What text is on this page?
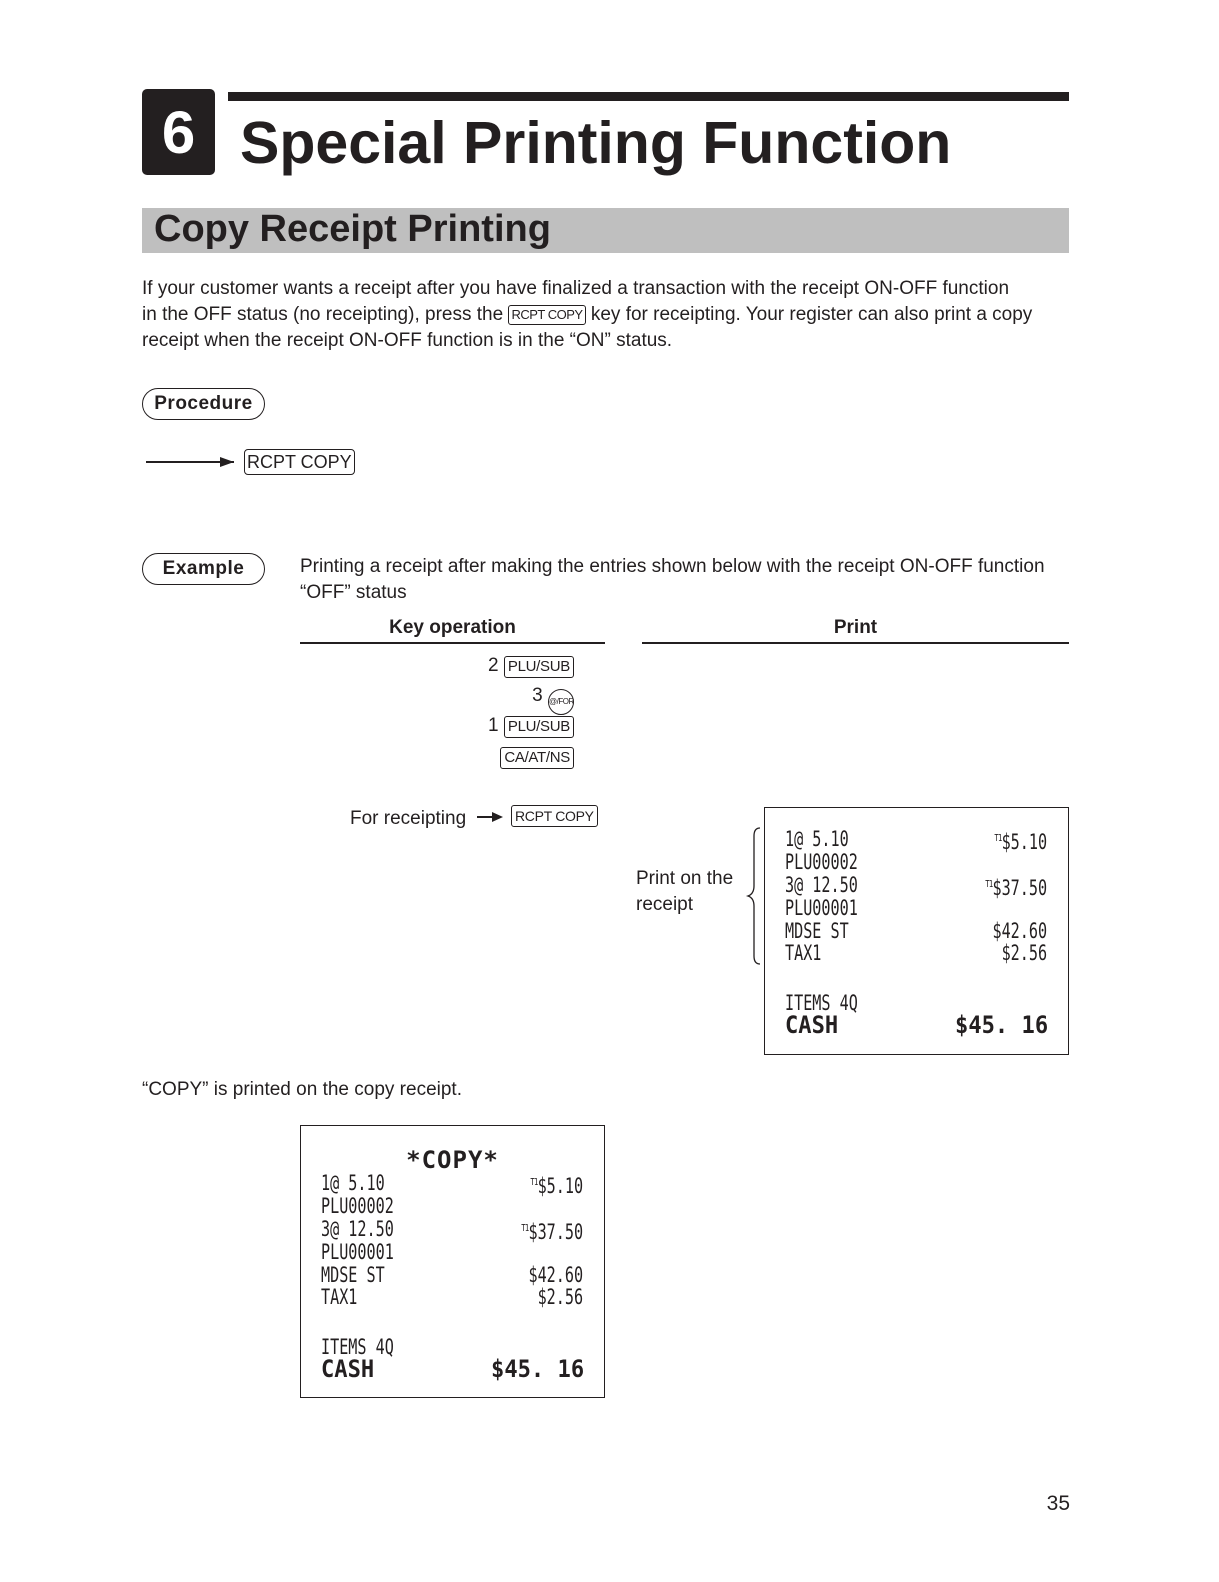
6 Special Printing Function
Copy Receipt Printing
If your customer wants a receipt after you have finalized a transaction with the receipt ON-OFF function
in the OFF status (no receipting), press the RCPT COPY key for receipting. Your register can also print a copy
receipt when the receipt ON-OFF function is in the “ON” status.
Procedure
RCPT COPY
Example	Printing a receipt after making the entries shown below with the receipt ON-OFF function
“OFF” status
Key operation	Print
2 PLU/SUB
3 @/FOR
1 PLU/SUB
CA/AT/NS
For receipting	RCPT COPY
Print on the
receipt
1@ 5.10	$^{T1}$\$5.10
PLU00002
3@ 12.50	$^{T1}$\$37.50
PLU00001
MDSE ST	$42.60
TAX1	$2.56
ITEMS 4Q
CASH	$45. 16
“COPY” is printed on the copy receipt.
*COPY*
1@ 5.10	$^{T1}$\$5.10
PLU00002
3@ 12.50	$^{T1}$\$37.50
PLU00001
MDSE ST	$42.60
TAX1	$2.56
ITEMS 4Q
CASH	$45. 16
35
